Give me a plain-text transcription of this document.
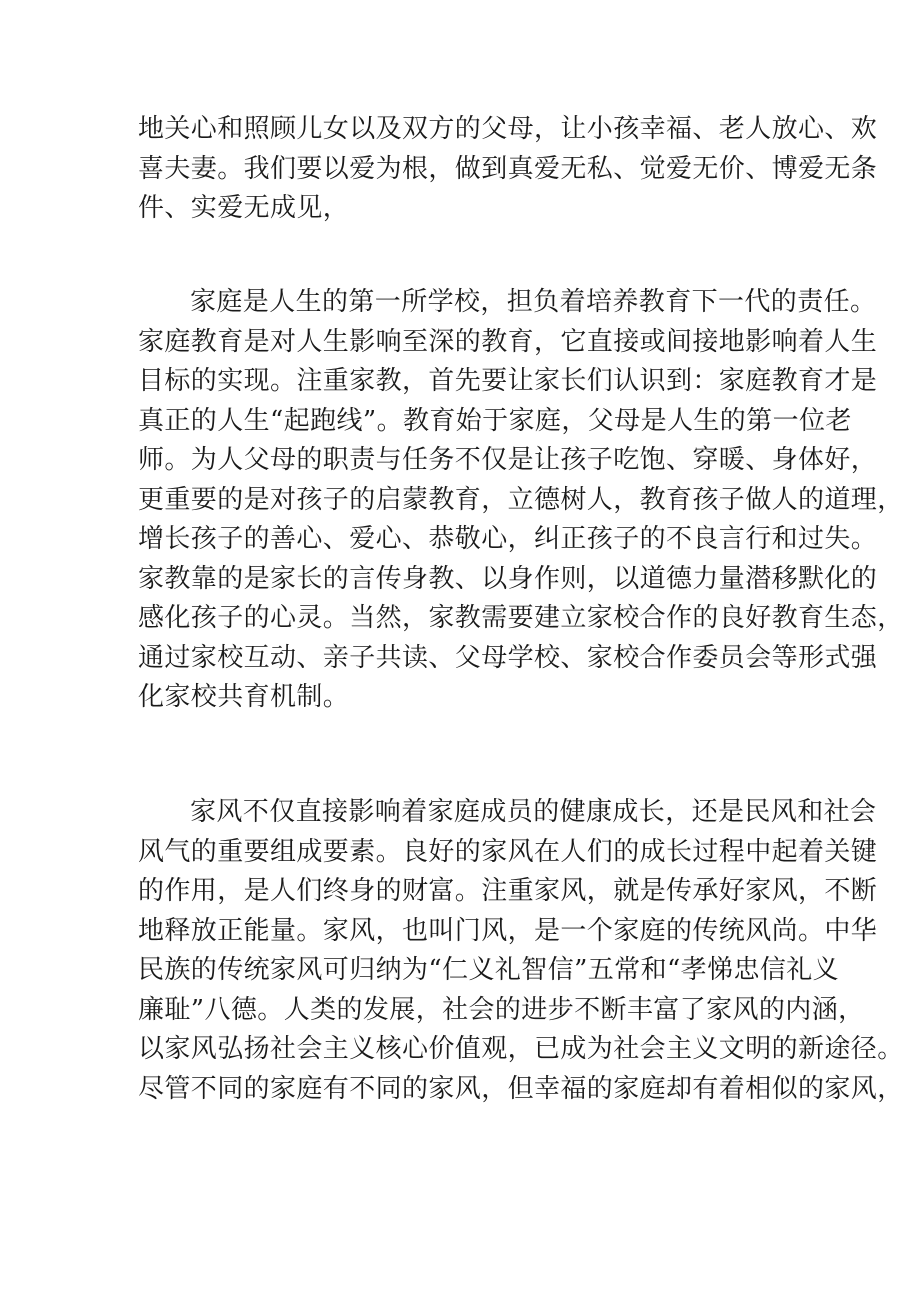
地关心和照顾儿女以及双方的父母，让小孩幸福、老人放心、欢
喜夫妻。我们要以爱为根，做到真爱无私、觉爱无价、博爱无条
件、实爱无成见，

家庭是人生的第一所学校，担负着培养教育下一代的责任。
家庭教育是对人生影响至深的教育，它直接或间接地影响着人生
目标的实现。注重家教，首先要让家长们认识到：家庭教育才是
真正的人生“起跑线”。教育始于家庭，父母是人生的第一位老
师。为人父母的职责与任务不仅是让孩子吃饱、穿暖、身体好，
更重要的是对孩子的启蒙教育，立德树人，教育孩子做人的道理，
增长孩子的善心、爱心、恭敬心，纠正孩子的不良言行和过失。
家教靠的是家长的言传身教、以身作则，以道德力量潜移默化的
感化孩子的心灵。当然，家教需要建立家校合作的良好教育生态，
通过家校互动、亲子共读、父母学校、家校合作委员会等形式强
化家校共育机制。

家风不仅直接影响着家庭成员的健康成长，还是民风和社会
风气的重要组成要素。良好的家风在人们的成长过程中起着关键
的作用，是人们终身的财富。注重家风，就是传承好家风，不断
地释放正能量。家风，也叫门风，是一个家庭的传统风尚。中华
民族的传统家风可归纳为“仁义礼智信”五常和“孝悌忠信礼义
廉耻”八德。人类的发展，社会的进步不断丰富了家风的内涵，
以家风弘扬社会主义核心价值观，已成为社会主义文明的新途径。
尽管不同的家庭有不同的家风，但幸福的家庭却有着相似的家风，
